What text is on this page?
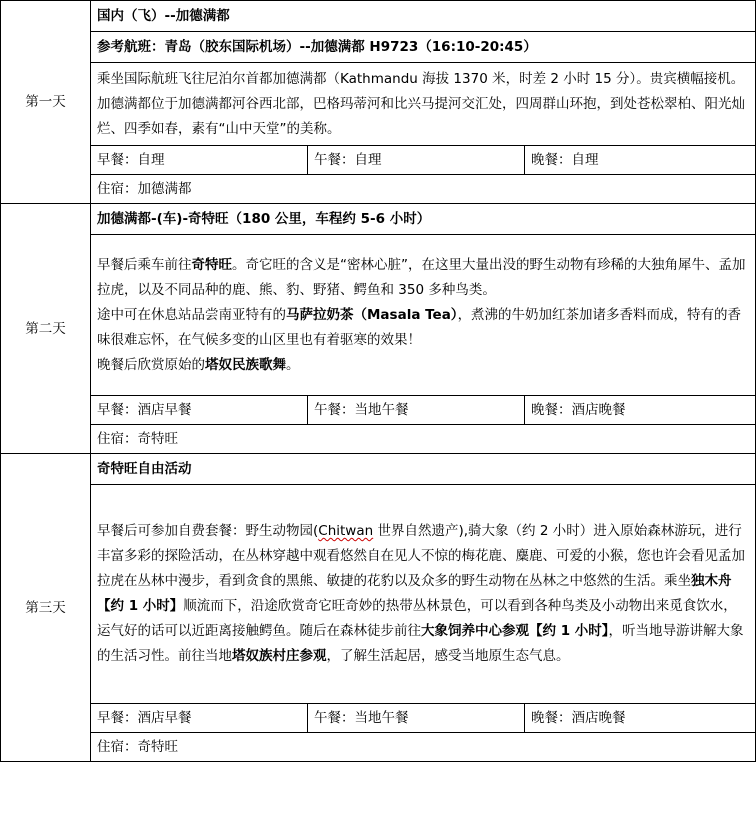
第一天	国内（飞）--加德满都		
	参考航班：青岛（胶东国际机场）--加德满都 H9723（16:10-20:45）		

	乘坐国际航班飞往尼泊尔首都加德满都（Kathmandu 海拔 1370 米，时差 2 小时 15 分）。贵宾横幅接机。加德满都位于加德满都河谷西北部，巴格玛蒂河和比兴马提河交汇处，四周群山环抱，到处苍松翠柏、阳光灿烂、四季如春，素有“山中天堂”的美称。		

	早餐：自理	午餐：自理	晚餐：自理
	住宿：加德满都		
第二天	加德满都-(车)-奇特旺（180 公里，车程约 5-6 小时）		

	早餐后乘车前往奇特旺。奇它旺的含义是“密林心脏”，在这里大量出没的野生动物有珍稀的大独角犀牛、孟加拉虎，以及不同品种的鹿、熊、豹、野猪、鳄鱼和 350 多种鸟类。

途中可在休息站品尝南亚特有的马萨拉奶茶（Masala Tea），煮沸的牛奶加红茶加诸多香料而成，特有的香味很难忘怀，在气候多变的山区里也有着驱寒的效果！

晚餐后欣赏原始的塔奴民族歌舞。		

	早餐：酒店早餐	午餐：当地午餐	晚餐：酒店晚餐
	住宿：奇特旺		
第三天	奇特旺自由活动		

	早餐后可参加自费套餐：野生动物园(Chitwan 世界自然遗产),骑大象（约 2 小时）进入原始森林游玩，进行丰富多彩的探险活动，在丛林穿越中观看悠然自在见人不惊的梅花鹿、麋鹿、可爱的小猴，您也许会看见孟加拉虎在丛林中漫步，看到贪食的黑熊、敏捷的花豹以及众多的野生动物在丛林之中悠然的生活。乘坐独木舟【约 1 小时】顺流而下，沿途欣赏奇它旺奇妙的热带丛林景色，可以看到各种鸟类及小动物出来觅食饮水，运气好的话可以近距离接触鳄鱼。随后在森林徒步前往大象饲养中心参观【约 1 小时】，听当地导游讲解大象的生活习性。前往当地塔奴族村庄参观，了解生活起居，感受当地原生态气息。		

	早餐：酒店早餐	午餐：当地午餐	晚餐：酒店晚餐
	住宿：奇特旺		
